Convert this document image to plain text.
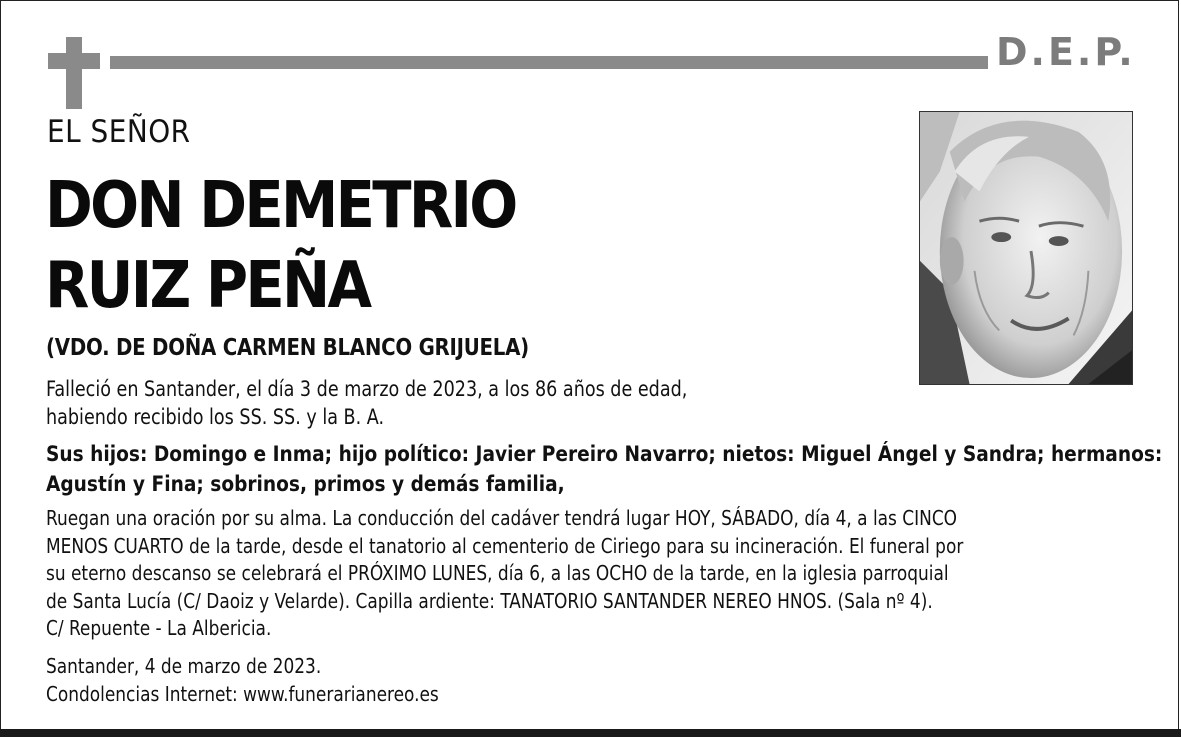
D.E.P.
EL SEÑOR
DON DEMETRIO
RUIZ PEÑA
(VDO. DE DOÑA CARMEN BLANCO GRIJUELA)
Falleció en Santander, el día 3 de marzo de 2023, a los 86 años de edad,
habiendo recibido los SS. SS. y la B. A.
Sus hijos: Domingo e Inma; hijo político: Javier Pereiro Navarro; nietos: Miguel Ángel y Sandra; hermanos:
Agustín y Fina; sobrinos, primos y demás familia,
Ruegan una oración por su alma. La conducción del cadáver tendrá lugar HOY, SÁBADO, día 4, a las CINCO
MENOS CUARTO de la tarde, desde el tanatorio al cementerio de Ciriego para su incineración. El funeral por
su eterno descanso se celebrará el PRÓXIMO LUNES, día 6, a las OCHO de la tarde, en la iglesia parroquial
de Santa Lucía (C/ Daoiz y Velarde). Capilla ardiente: TANATORIO SANTANDER NEREO HNOS. (Sala nº 4).
C/ Repuente - La Albericia.
Santander, 4 de marzo de 2023.
Condolencias Internet: www.funerarianereo.es
